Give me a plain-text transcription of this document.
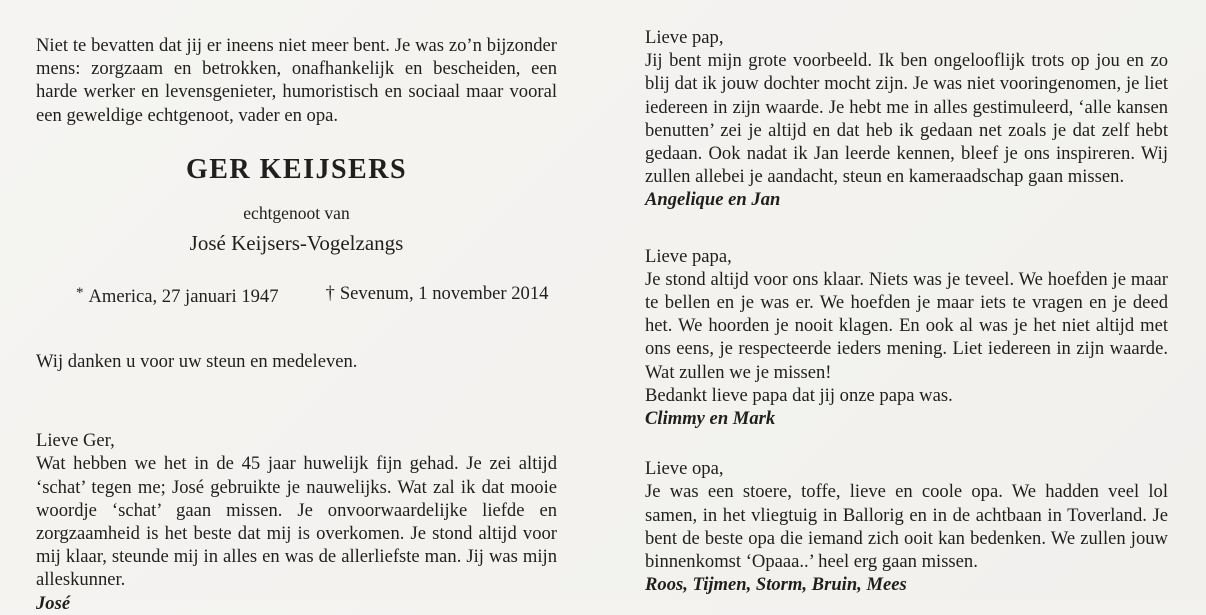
Niet te bevatten dat jij er ineens niet meer bent. Je was zo’n bijzonder mens: zorgzaam en betrokken, onafhankelijk en bescheiden, een harde werker en levensgenieter, humoristisch en sociaal maar vooral een geweldige echtgenoot, vader en opa.

GER KEIJSERS

echtgenoot van

José Keijsers-Vogelzangs

* America, 27 januari 1947	† Sevenum, 1 november 2014

Wij danken u voor uw steun en medeleven.

Lieve Ger,

Wat hebben we het in de 45 jaar huwelijk fijn gehad. Je zei altijd ‘schat’ tegen me; José gebruikte je nauwelijks. Wat zal ik dat mooie woordje ‘schat’ gaan missen. Je onvoorwaardelijke liefde en zorgzaamheid is het beste dat mij is overkomen. Je stond altijd voor mij klaar, steunde mij in alles en was de allerliefste man. Jij was mijn alleskunner.

José

Lieve pap,

Jij bent mijn grote voorbeeld. Ik ben ongelooflijk trots op jou en zo blij dat ik jouw dochter mocht zijn. Je was niet vooringenomen, je liet iedereen in zijn waarde. Je hebt me in alles gestimuleerd, ‘alle kansen benutten’ zei je altijd en dat heb ik gedaan net zoals je dat zelf hebt gedaan. Ook nadat ik Jan leerde kennen, bleef je ons inspireren. Wij zullen allebei je aandacht, steun en kameraadschap gaan missen.

Angelique en Jan

Lieve papa,

Je stond altijd voor ons klaar. Niets was je teveel. We hoefden je maar te bellen en je was er. We hoefden je maar iets te vragen en je deed het. We hoorden je nooit klagen. En ook al was je het niet altijd met ons eens, je respecteerde ieders mening. Liet iedereen in zijn waarde. Wat zullen we je missen!

Bedankt lieve papa dat jij onze papa was.

Climmy en Mark

Lieve opa,

Je was een stoere, toffe, lieve en coole opa. We hadden veel lol samen, in het vliegtuig in Ballorig en in de achtbaan in Toverland. Je bent de beste opa die iemand zich ooit kan bedenken. We zullen jouw binnenkomst ‘Opaaa..’ heel erg gaan missen.

Roos, Tijmen, Storm, Bruin, Mees
